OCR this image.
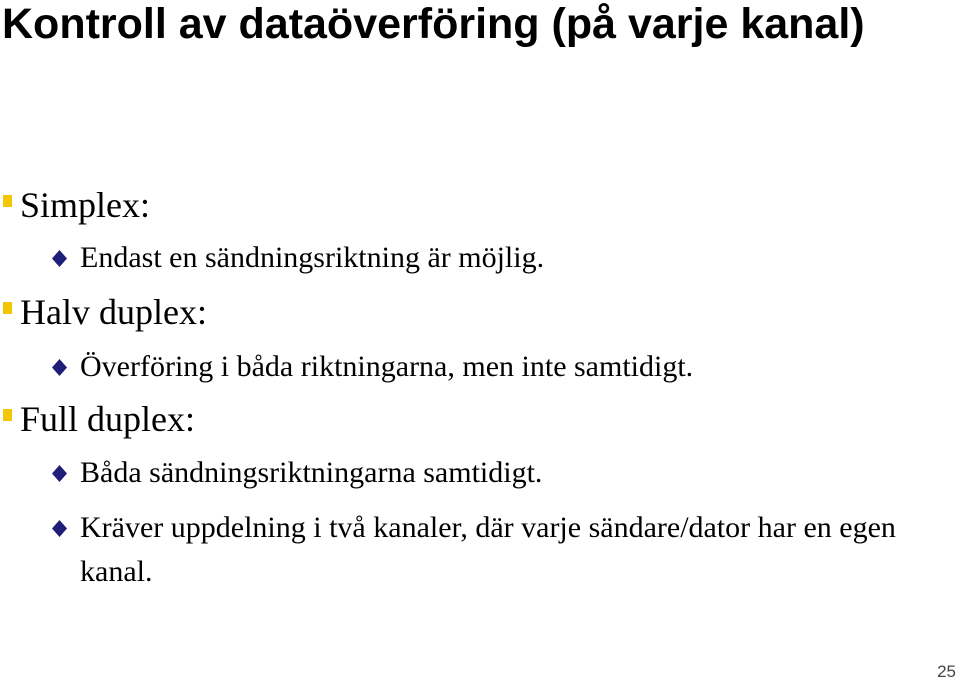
Kontroll av dataöverföring (på varje kanal)
Simplex:
Endast en sändningsriktning är möjlig.
Halv duplex:
Överföring i båda riktningarna, men inte samtidigt.
Full duplex:
Båda sändningsriktningarna samtidigt.
Kräver uppdelning i två kanaler, där varje sändare/dator har en egen kanal.
25
